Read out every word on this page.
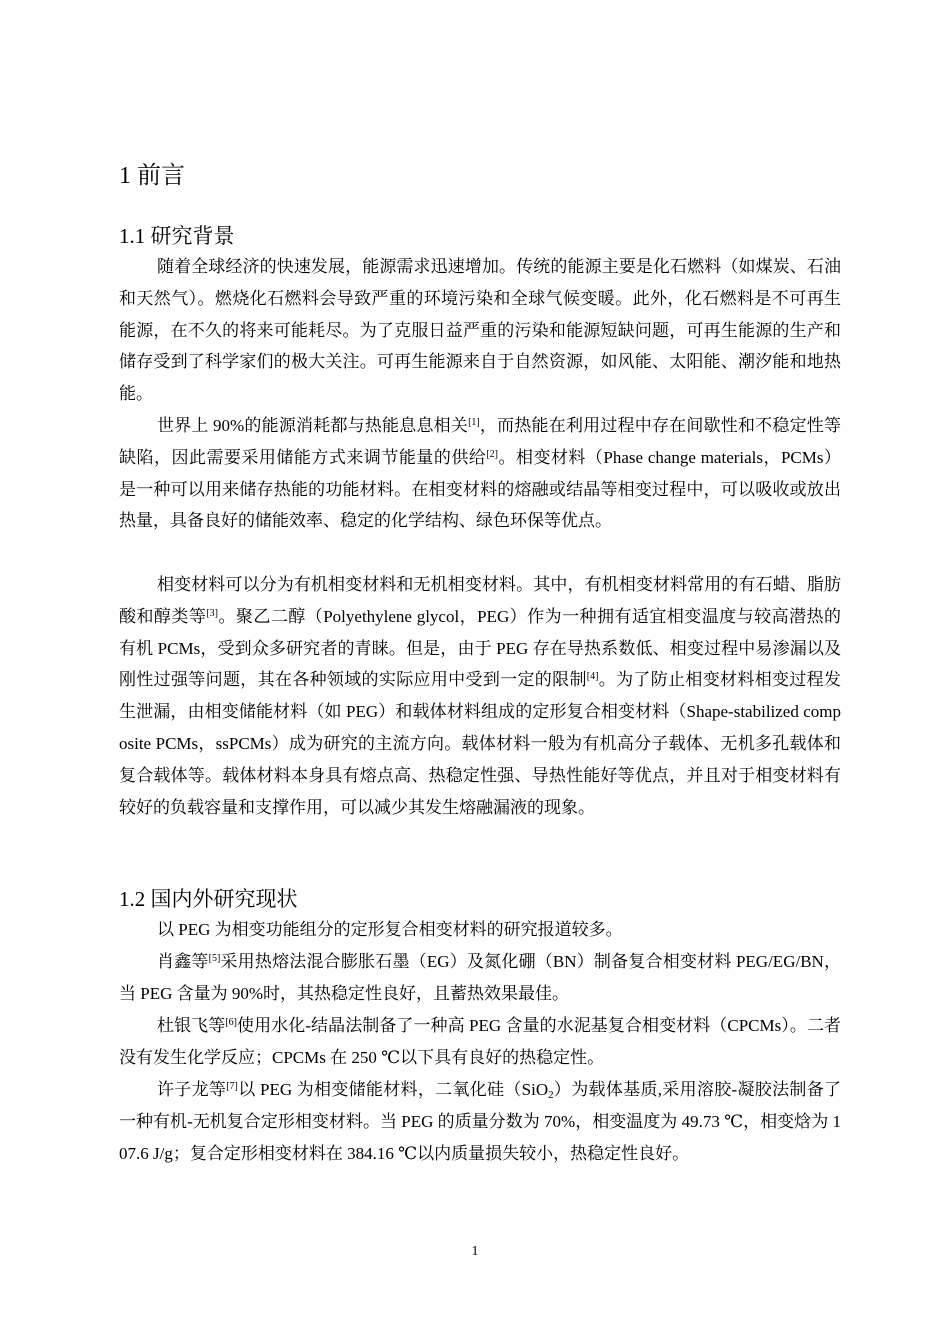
1 前言
1.1 研究背景

随着全球经济的快速发展，能源需求迅速增加。传统的能源主要是化石燃料（如煤炭、石油和天然气）。燃烧化石燃料会导致严重的环境污染和全球气候变暖。此外，化石燃料是不可再生能源，在不久的将来可能耗尽。为了克服日益严重的污染和能源短缺问题，可再生能源的生产和储存受到了科学家们的极大关注。可再生能源来自于自然资源，如风能、太阳能、潮汐能和地热能。

世界上 90%的能源消耗都与热能息息相关[1]，而热能在利用过程中存在间歇性和不稳定性等缺陷，因此需要采用储能方式来调节能量的供给[2]。相变材料（Phase change materials，PCMs）是一种可以用来储存热能的功能材料。在相变材料的熔融或结晶等相变过程中，可以吸收或放出热量，具备良好的储能效率、稳定的化学结构、绿色环保等优点。

相变材料可以分为有机相变材料和无机相变材料。其中，有机相变材料常用的有石蜡、脂肪酸和醇类等[3]。聚乙二醇（Polyethylene glycol，PEG）作为一种拥有适宜相变温度与较高潜热的有机 PCMs，受到众多研究者的青睐。但是，由于 PEG 存在导热系数低、相变过程中易渗漏以及刚性过强等问题，其在各种领域的实际应用中受到一定的限制[4]。为了防止相变材料相变过程发生泄漏，由相变储能材料（如 PEG）和载体材料组成的定形复合相变材料（Shape-stabilized composite PCMs，ssPCMs）成为研究的主流方向。载体材料一般为有机高分子载体、无机多孔载体和复合载体等。载体材料本身具有熔点高、热稳定性强、导热性能好等优点，并且对于相变材料有较好的负载容量和支撑作用，可以减少其发生熔融漏液的现象。

1.2 国内外研究现状

以 PEG 为相变功能组分的定形复合相变材料的研究报道较多。

肖鑫等[5]采用热熔法混合膨胀石墨（EG）及氮化硼（BN）制备复合相变材料 PEG/EG/BN，当 PEG 含量为 90%时，其热稳定性良好，且蓄热效果最佳。

杜银飞等[6]使用水化-结晶法制备了一种高 PEG 含量的水泥基复合相变材料（CPCMs）。二者没有发生化学反应；CPCMs 在 250 ℃以下具有良好的热稳定性。

许子龙等[7]以 PEG 为相变储能材料，二氧化硅（SiO$_2$）为载体基质,采用溶胶-凝胶法制备了一种有机-无机复合定形相变材料。当 PEG 的质量分数为 70%，相变温度为 49.73 ℃，相变焓为 107.6 J/g；复合定形相变材料在 384.16 ℃以内质量损失较小，热稳定性良好。

1
